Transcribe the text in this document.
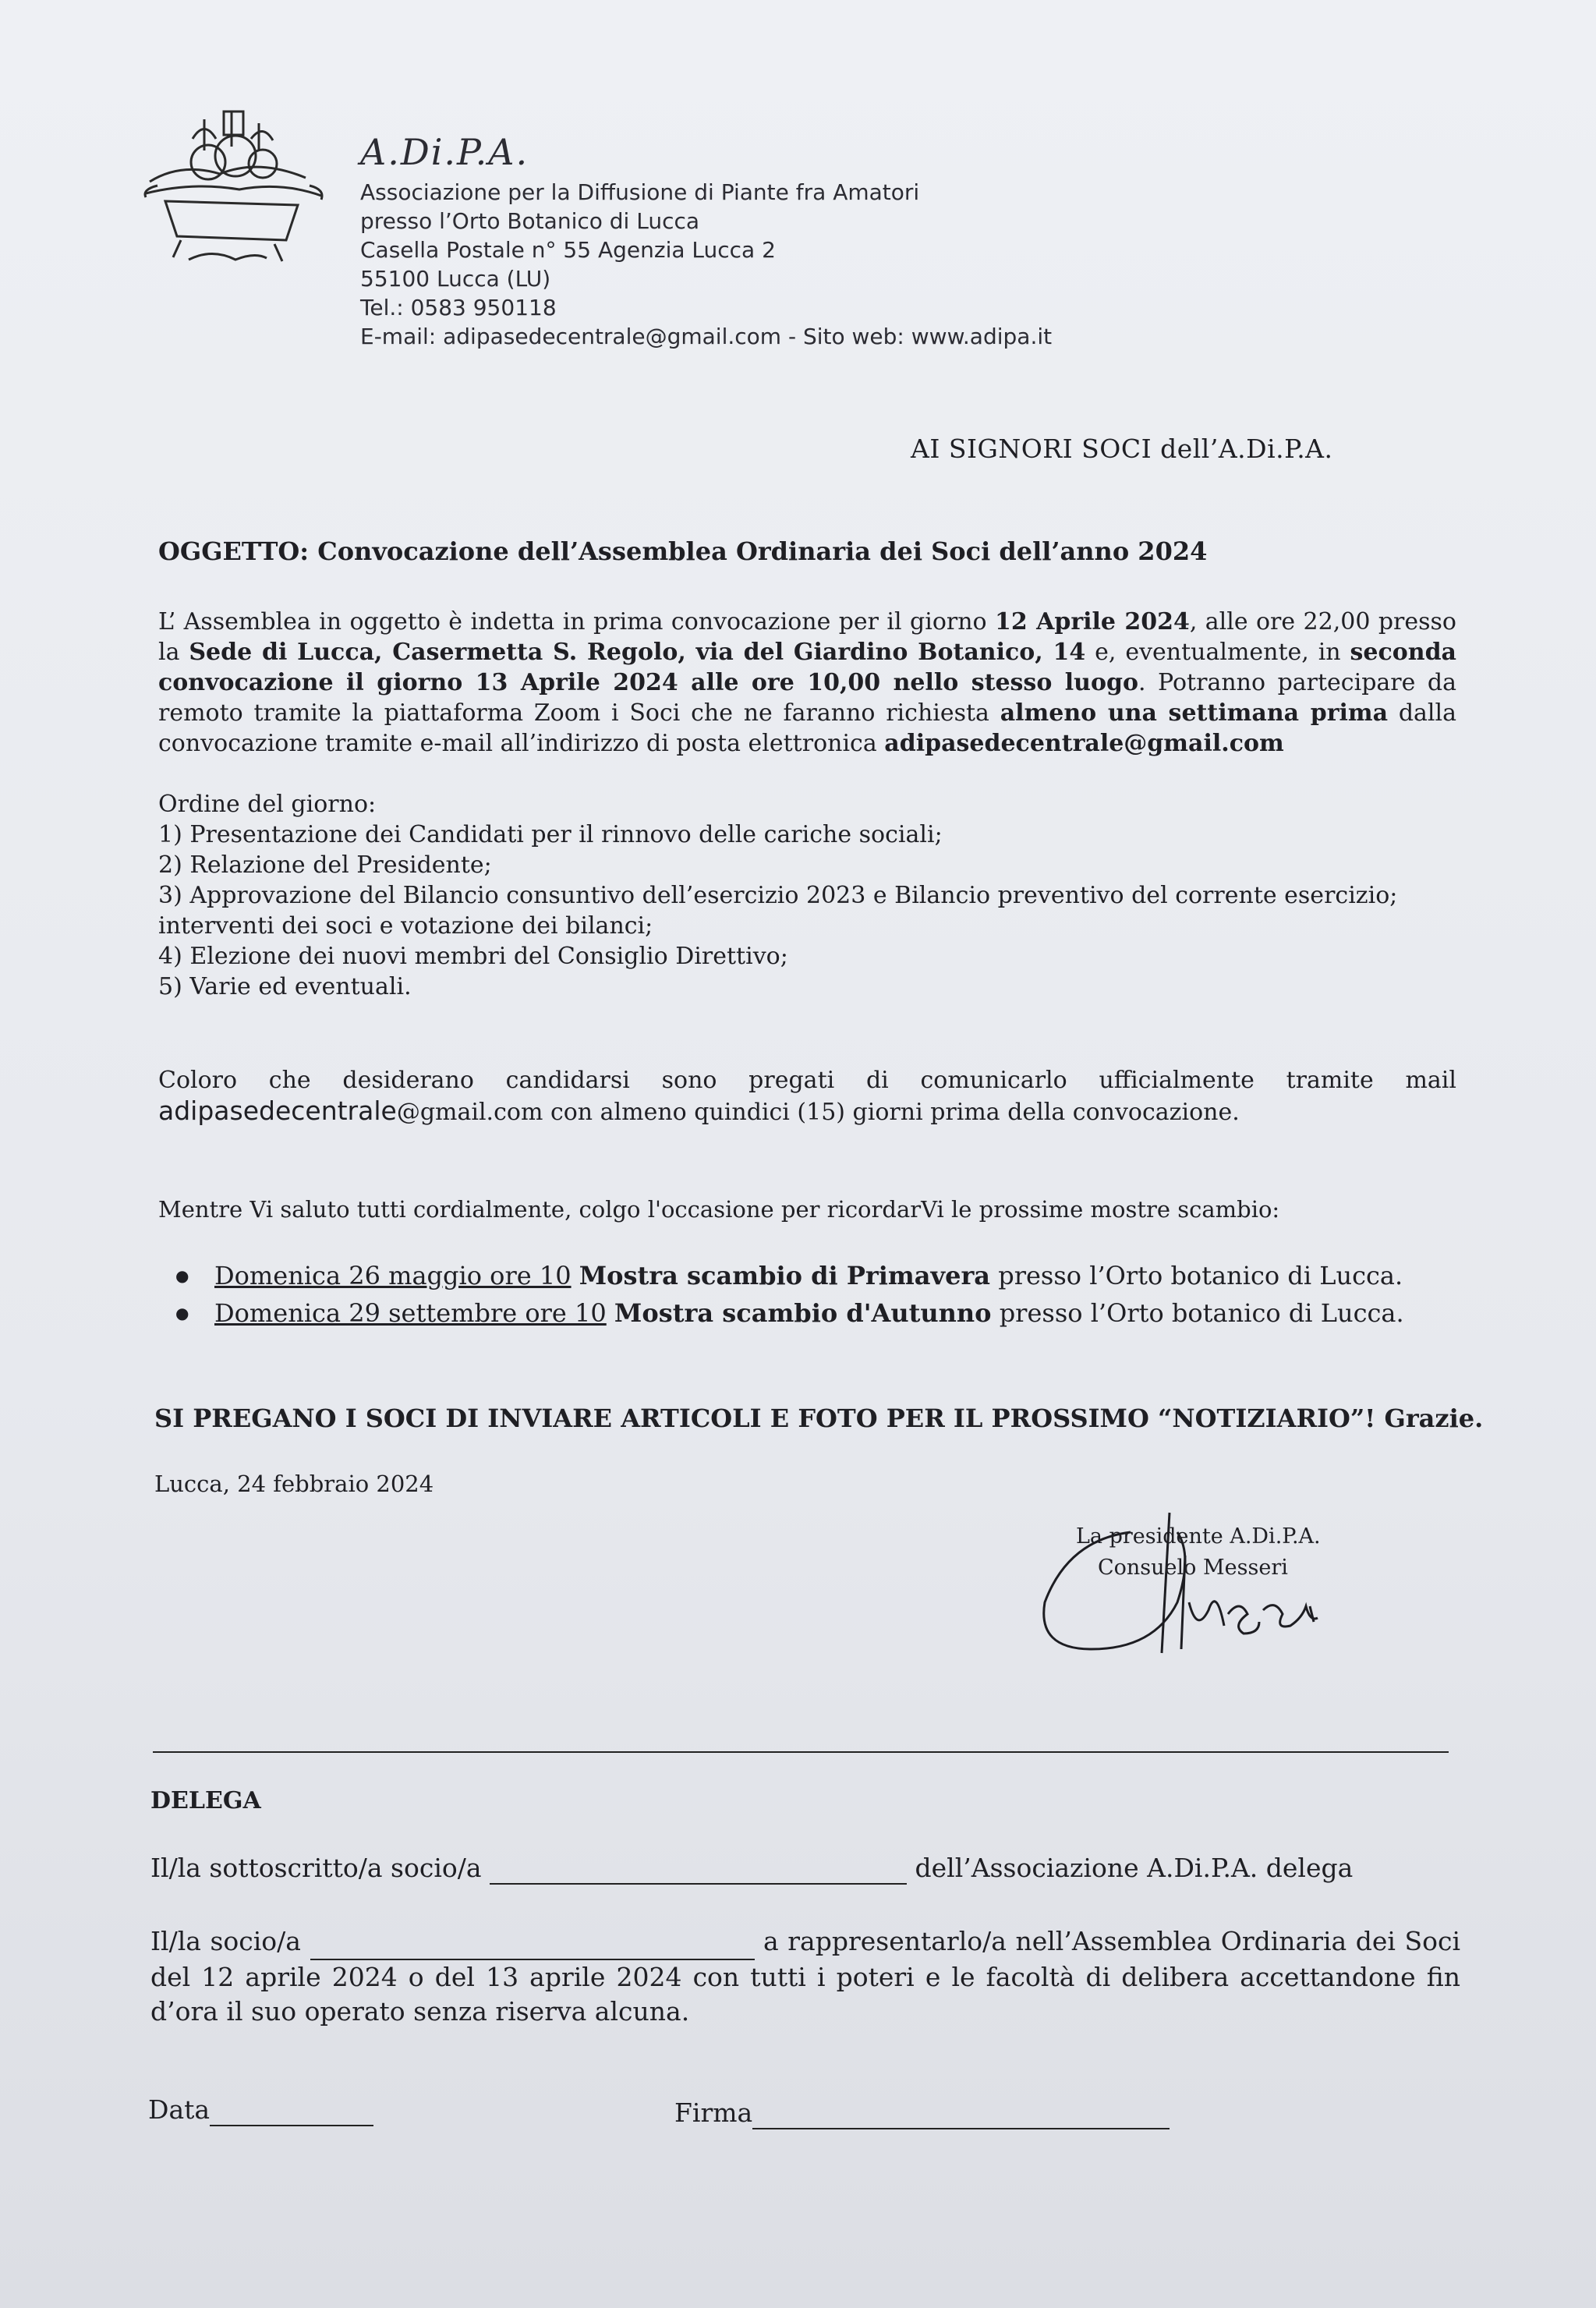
A.Di.P.A.
Associazione per la Diffusione di Piante fra Amatori
presso l’Orto Botanico di Lucca
Casella Postale n° 55 Agenzia Lucca 2
55100 Lucca (LU)
Tel.: 0583 950118
E-mail: adipasedecentrale@gmail.com - Sito web: www.adipa.it
AI SIGNORI SOCI dell’A.Di.P.A.
OGGETTO: Convocazione dell’Assemblea Ordinaria dei Soci dell’anno 2024
L’ Assemblea in oggetto è indetta in prima convocazione per il giorno 12 Aprile 2024, alle ore 22,00 presso la Sede di Lucca, Casermetta S. Regolo, via del Giardino Botanico, 14 e, eventualmente, in seconda convocazione il giorno 13 Aprile 2024 alle ore 10,00 nello stesso luogo. Potranno partecipare da remoto tramite la piattaforma Zoom i Soci che ne faranno richiesta almeno una settimana prima dalla convocazione tramite e-mail all’indirizzo di posta elettronica adipasedecentrale@gmail.com
Ordine del giorno:
1) Presentazione dei Candidati per il rinnovo delle cariche sociali;
2) Relazione del Presidente;
3) Approvazione del Bilancio consuntivo dell’esercizio 2023 e Bilancio preventivo del corrente esercizio;
interventi dei soci e votazione dei bilanci;
4) Elezione dei nuovi membri del Consiglio Direttivo;
5) Varie ed eventuali.
Coloro che desiderano candidarsi sono pregati di comunicarlo ufficialmente tramite mail adipasedecentrale@gmail.com con almeno quindici (15) giorni prima della convocazione.
Mentre Vi saluto tutti cordialmente, colgo l'occasione per ricordarVi le prossime mostre scambio:
● Domenica 26 maggio ore 10 Mostra scambio di Primavera presso l’Orto botanico di Lucca.
● Domenica 29 settembre ore 10 Mostra scambio d'Autunno presso l’Orto botanico di Lucca.
SI PREGANO I SOCI DI INVIARE ARTICOLI E FOTO PER IL PROSSIMO “NOTIZIARIO”! Grazie.
Lucca, 24 febbraio 2024
La presidente A.Di.P.A.
Consuelo Messeri
DELEGA
Il/la sottoscritto/a socio/a	dell’Associazione A.Di.P.A. delega
Il/la socio/a	a rappresentarlo/a nell’Assemblea Ordinaria dei Soci del 12 aprile 2024 o del 13 aprile 2024 con tutti i poteri e le facoltà di delibera accettandone fin d’ora il suo operato senza riserva alcuna.
Data	Firma
